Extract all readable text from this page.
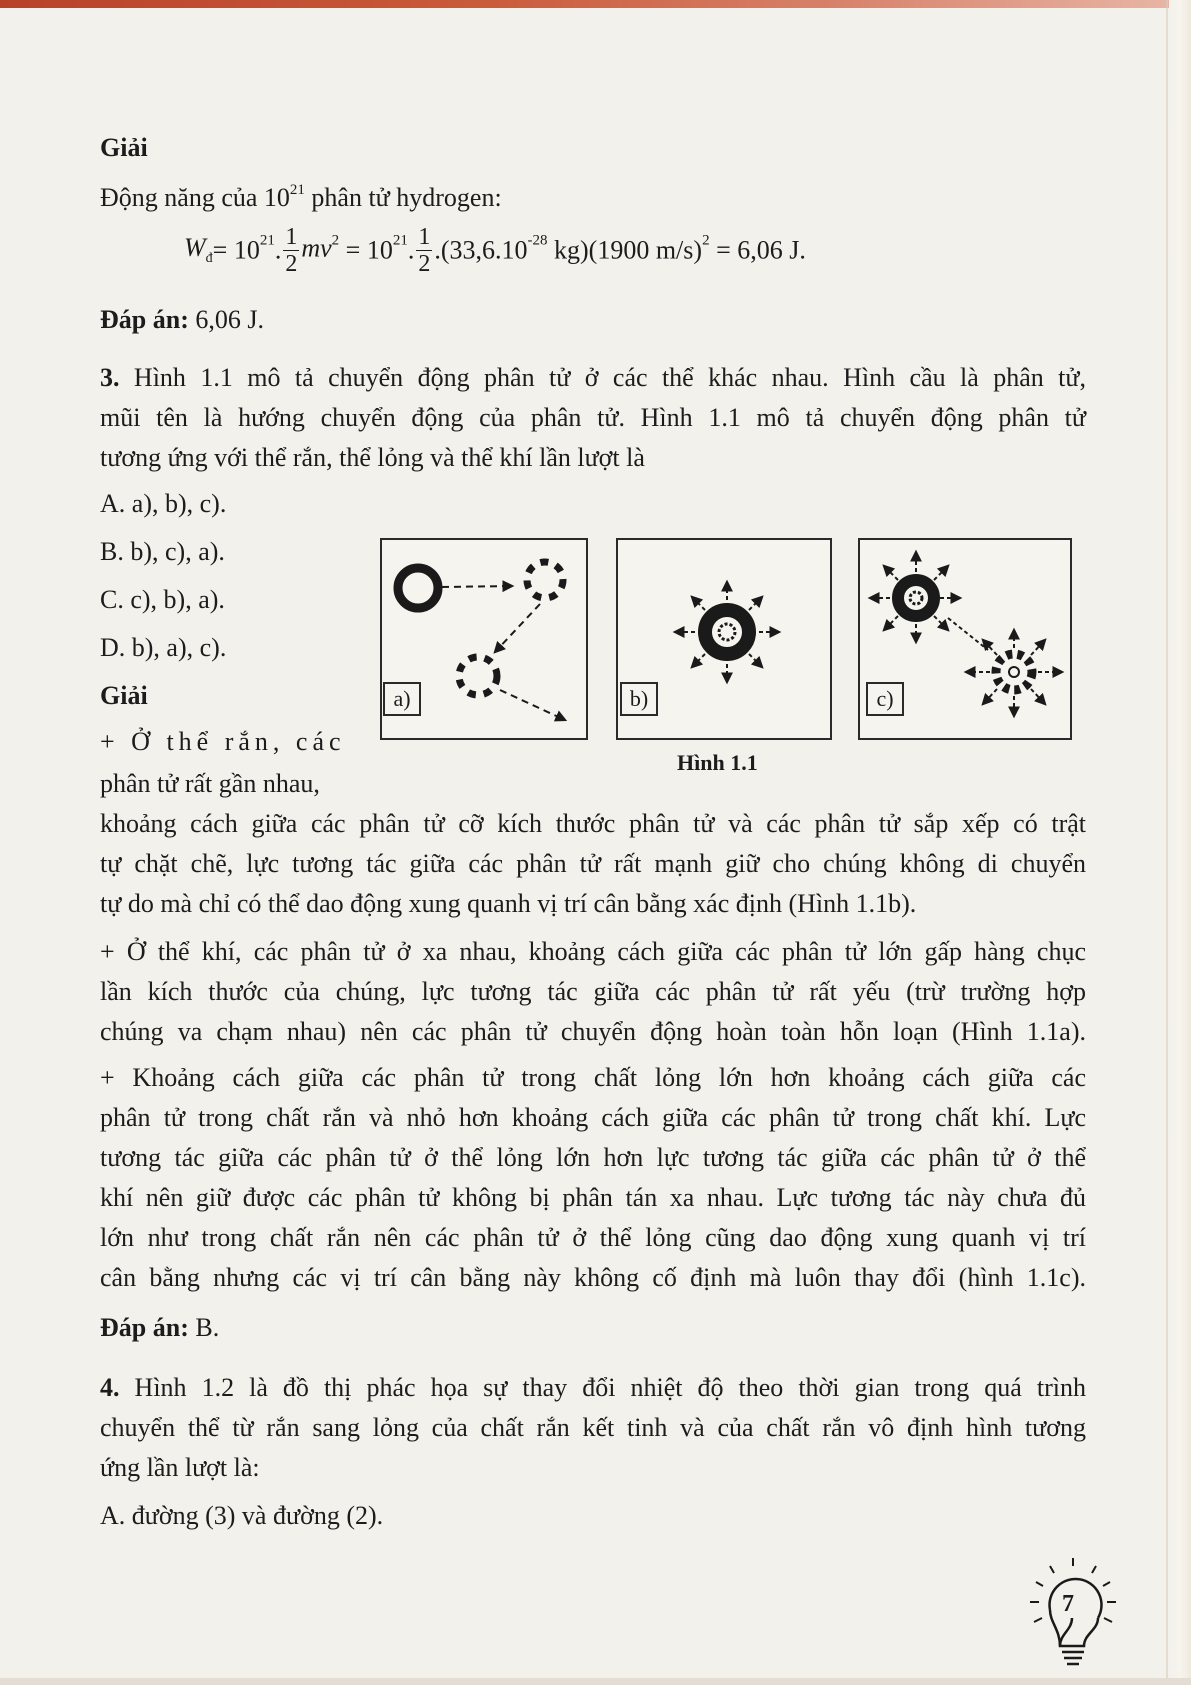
Giải
Động năng của $10^{21}$ phân tử hydrogen:
$W_đ= 10^{21}$. $\frac{1}{2} mv^2 = 10^{21}$. $\frac{1}{2} .(33,6.10^{-28}$ kg)(1900 m/s)$^2$ = 6,06 J.
Đáp án: 6,06 J.
3. Hình 1.1 mô tả chuyển động phân tử ở các thể khác nhau. Hình cầu là phân tử,
mũi tên là hướng chuyển động của phân tử. Hình 1.1 mô tả chuyển động phân tử
tương ứng với thể rắn, thể lỏng và thể khí lần lượt là
A. a), b), c).
B. b), c), a).
C. c), b), a).
D. b), a), c).
Giải
+ Ở thể rắn, các
phân tử rất gần nhau,
a)	b)	c)
Hình 1.1
khoảng cách giữa các phân tử cỡ kích thước phân tử và các phân tử sắp xếp có trật
tự chặt chẽ, lực tương tác giữa các phân tử rất mạnh giữ cho chúng không di chuyển
tự do mà chỉ có thể dao động xung quanh vị trí cân bằng xác định (Hình 1.1b).
+ Ở thể khí, các phân tử ở xa nhau, khoảng cách giữa các phân tử lớn gấp hàng chục
lần kích thước của chúng, lực tương tác giữa các phân tử rất yếu (trừ trường hợp
chúng va chạm nhau) nên các phân tử chuyển động hoàn toàn hỗn loạn (Hình 1.1a).
+ Khoảng cách giữa các phân tử trong chất lỏng lớn hơn khoảng cách giữa các
phân tử trong chất rắn và nhỏ hơn khoảng cách giữa các phân tử trong chất khí. Lực
tương tác giữa các phân tử ở thể lỏng lớn hơn lực tương tác giữa các phân tử ở thể
khí nên giữ được các phân tử không bị phân tán xa nhau. Lực tương tác này chưa đủ
lớn như trong chất rắn nên các phân tử ở thể lỏng cũng dao động xung quanh vị trí
cân bằng nhưng các vị trí cân bằng này không cố định mà luôn thay đổi (hình 1.1c).
Đáp án: B.
4. Hình 1.2 là đồ thị phác họa sự thay đổi nhiệt độ theo thời gian trong quá trình
chuyển thể từ rắn sang lỏng của chất rắn kết tinh và của chất rắn vô định hình tương
ứng lần lượt là:
A. đường (3) và đường (2).
7
